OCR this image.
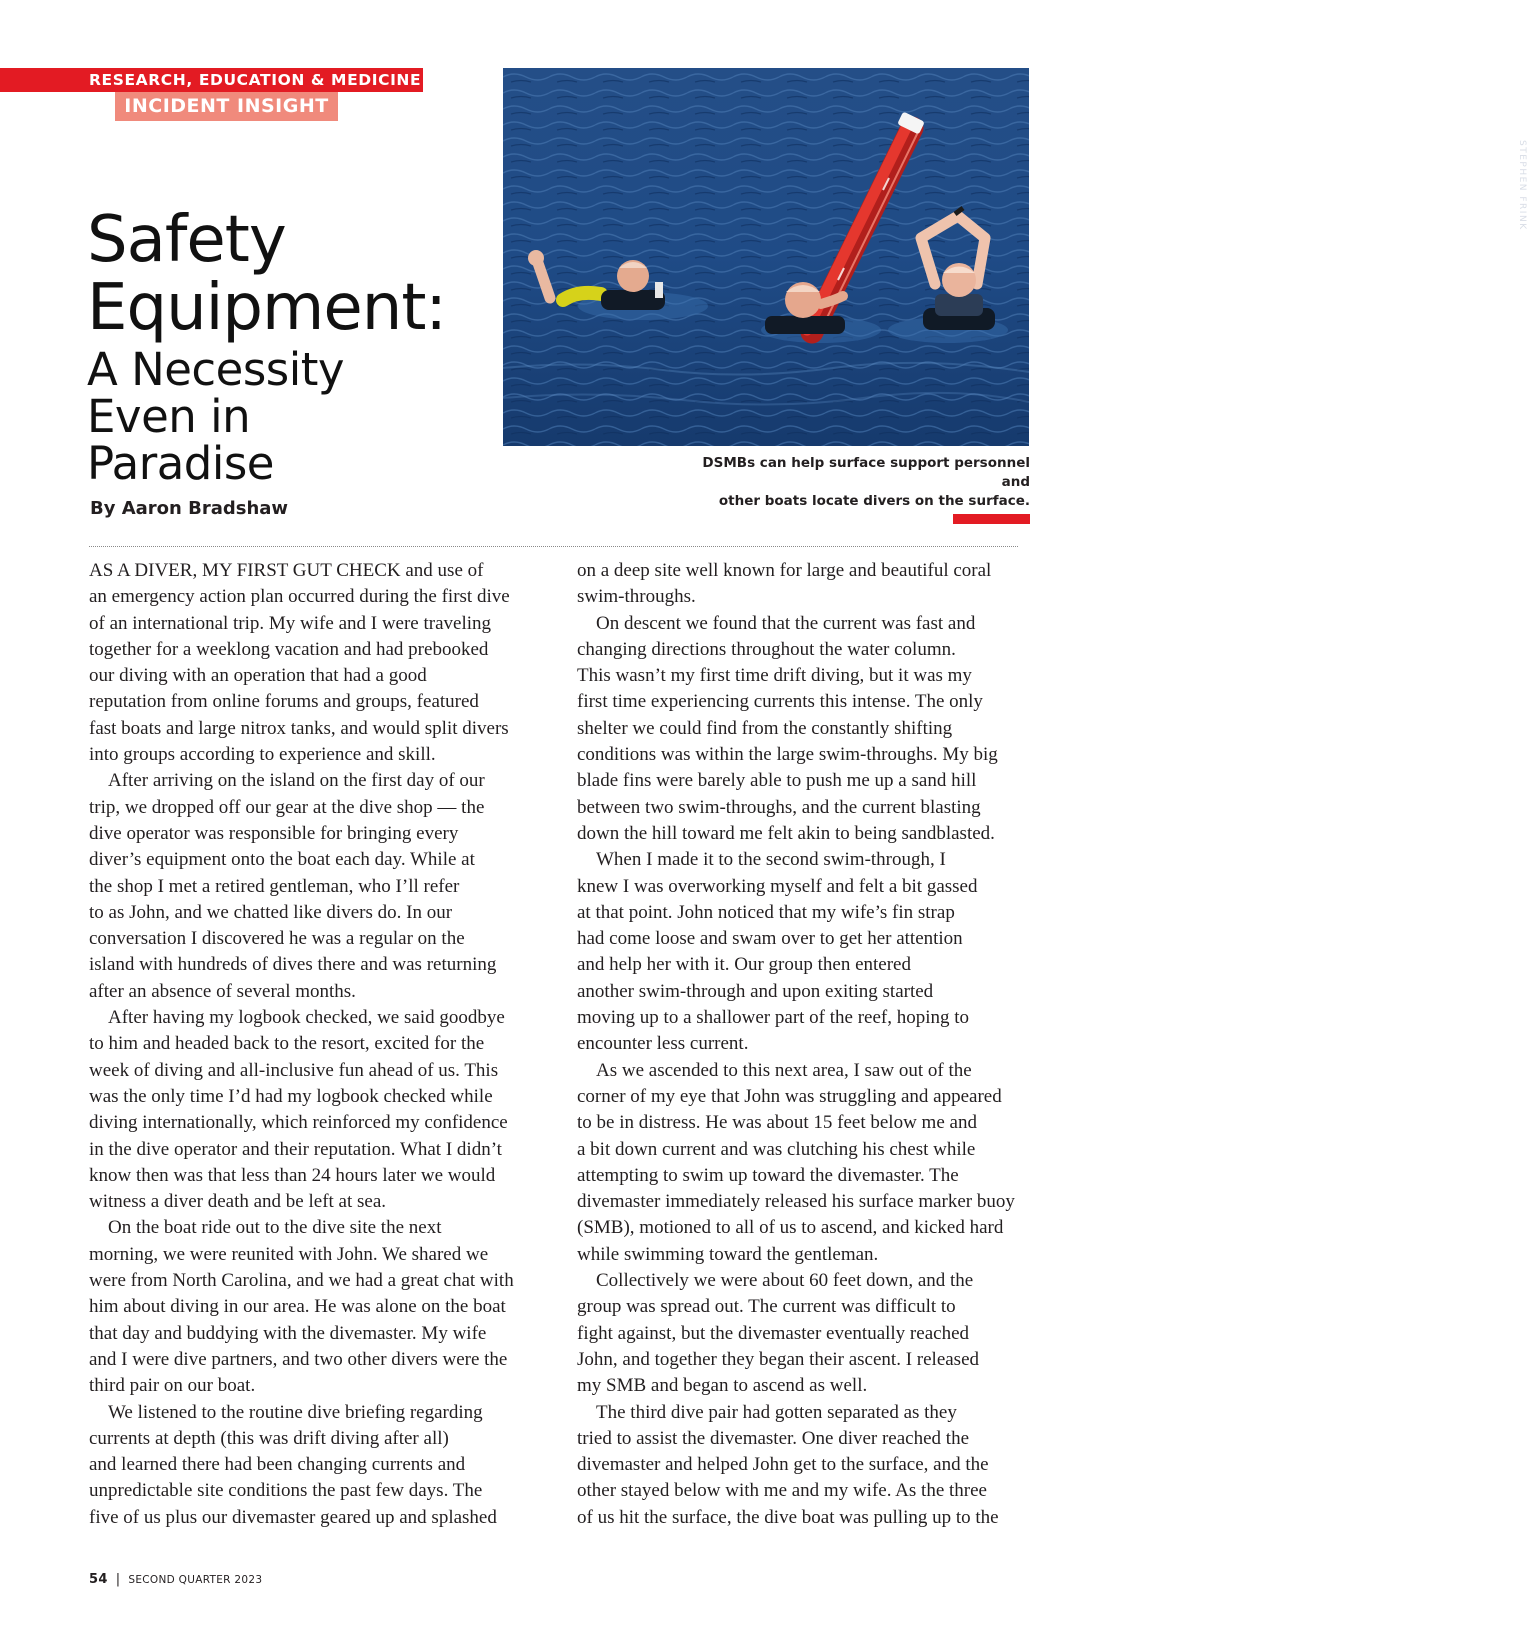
RESEARCH, EDUCATION & MEDICINE
INCIDENT INSIGHT
Safety
Equipment:
A Necessity
Even in
Paradise
By Aaron Bradshaw
STEPHEN FRINK
DSMBs can help surface support personnel and
other boats locate divers on the surface.

AS A DIVER, MY FIRST GUT CHECK and use of
an emergency action plan occurred during the first dive
of an international trip. My wife and I were traveling
together for a weeklong vacation and had prebooked
our diving with an operation that had a good
reputation from online forums and groups, featured
fast boats and large nitrox tanks, and would split divers
into groups according to experience and skill.

After arriving on the island on the first day of our
trip, we dropped off our gear at the dive shop — the
dive operator was responsible for bringing every
diver’s equipment onto the boat each day. While at
the shop I met a retired gentleman, who I’ll refer
to as John, and we chatted like divers do. In our
conversation I discovered he was a regular on the
island with hundreds of dives there and was returning
after an absence of several months.

After having my logbook checked, we said goodbye
to him and headed back to the resort, excited for the
week of diving and all-inclusive fun ahead of us. This
was the only time I’d had my logbook checked while
diving internationally, which reinforced my confidence
in the dive operator and their reputation. What I didn’t
know then was that less than 24 hours later we would
witness a diver death and be left at sea.

On the boat ride out to the dive site the next
morning, we were reunited with John. We shared we
were from North Carolina, and we had a great chat with
him about diving in our area. He was alone on the boat
that day and buddying with the divemaster. My wife
and I were dive partners, and two other divers were the
third pair on our boat.

We listened to the routine dive briefing regarding
currents at depth (this was drift diving after all)
and learned there had been changing currents and
unpredictable site conditions the past few days. The
five of us plus our divemaster geared up and splashed

on a deep site well known for large and beautiful coral
swim-throughs.

On descent we found that the current was fast and
changing directions throughout the water column.
This wasn’t my first time drift diving, but it was my
first time experiencing currents this intense. The only
shelter we could find from the constantly shifting
conditions was within the large swim-throughs. My big
blade fins were barely able to push me up a sand hill
between two swim-throughs, and the current blasting
down the hill toward me felt akin to being sandblasted.

When I made it to the second swim-through, I
knew I was overworking myself and felt a bit gassed
at that point. John noticed that my wife’s fin strap
had come loose and swam over to get her attention
and help her with it. Our group then entered
another swim-through and upon exiting started
moving up to a shallower part of the reef, hoping to
encounter less current.

As we ascended to this next area, I saw out of the
corner of my eye that John was struggling and appeared
to be in distress. He was about 15 feet below me and
a bit down current and was clutching his chest while
attempting to swim up toward the divemaster. The
divemaster immediately released his surface marker buoy
(SMB), motioned to all of us to ascend, and kicked hard
while swimming toward the gentleman.

Collectively we were about 60 feet down, and the
group was spread out. The current was difficult to
fight against, but the divemaster eventually reached
John, and together they began their ascent. I released
my SMB and began to ascend as well.

The third dive pair had gotten separated as they
tried to assist the divemaster. One diver reached the
divemaster and helped John get to the surface, and the
other stayed below with me and my wife. As the three
of us hit the surface, the dive boat was pulling up to the

54 | SECOND QUARTER 2023
